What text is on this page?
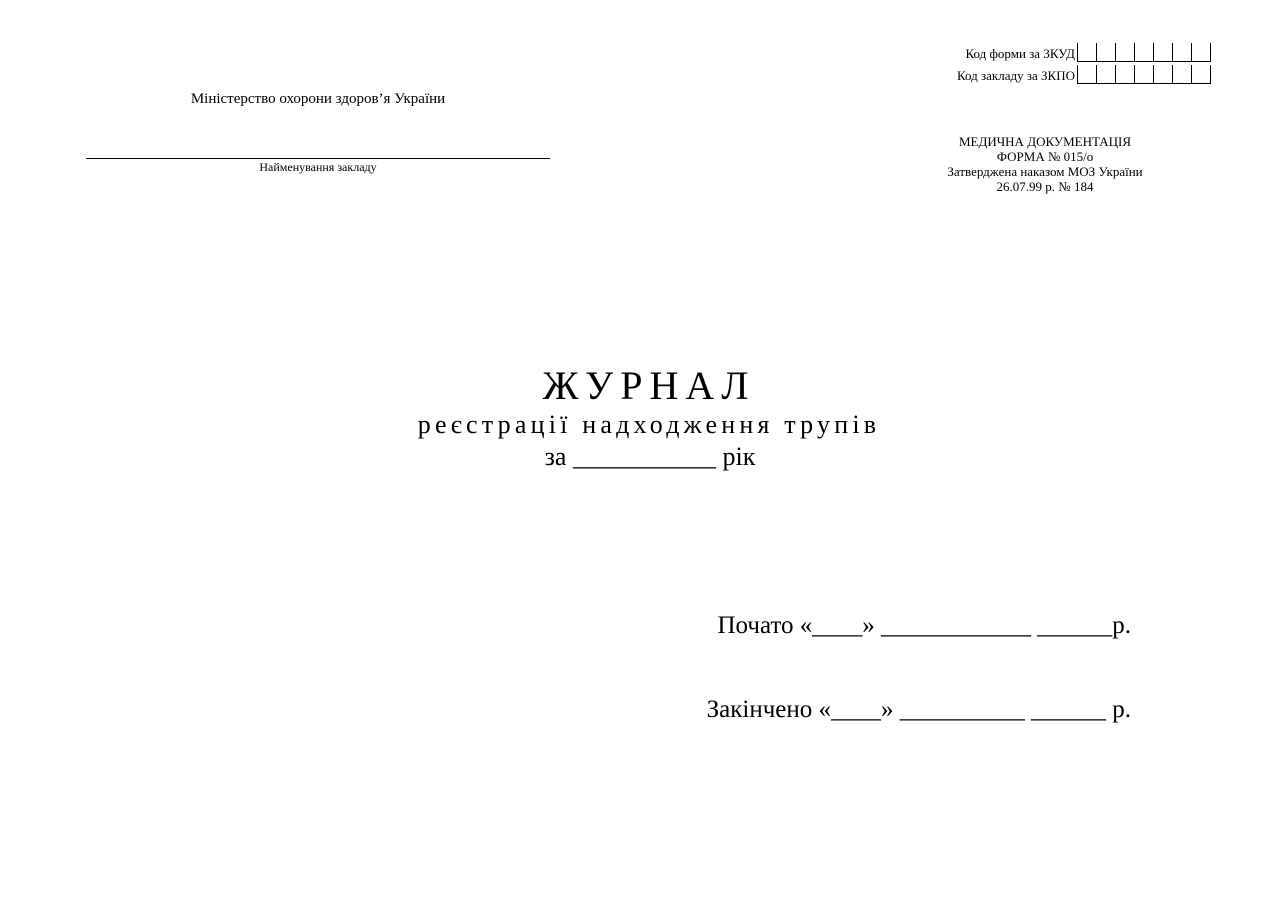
Код форми за ЗКУД
Код закладу за ЗКПО
Міністерство охорони здоров’я України
Найменування закладу
МЕДИЧНА ДОКУМЕНТАЦІЯ
ФОРМА № 015/о
Затверджена наказом МОЗ України
26.07.99 р. № 184
ЖУРНАЛ
реєстрації надходження трупів
за ___________ рік
Почато «____» ____________ ______р.
Закінчено «____» __________ ______ р.
